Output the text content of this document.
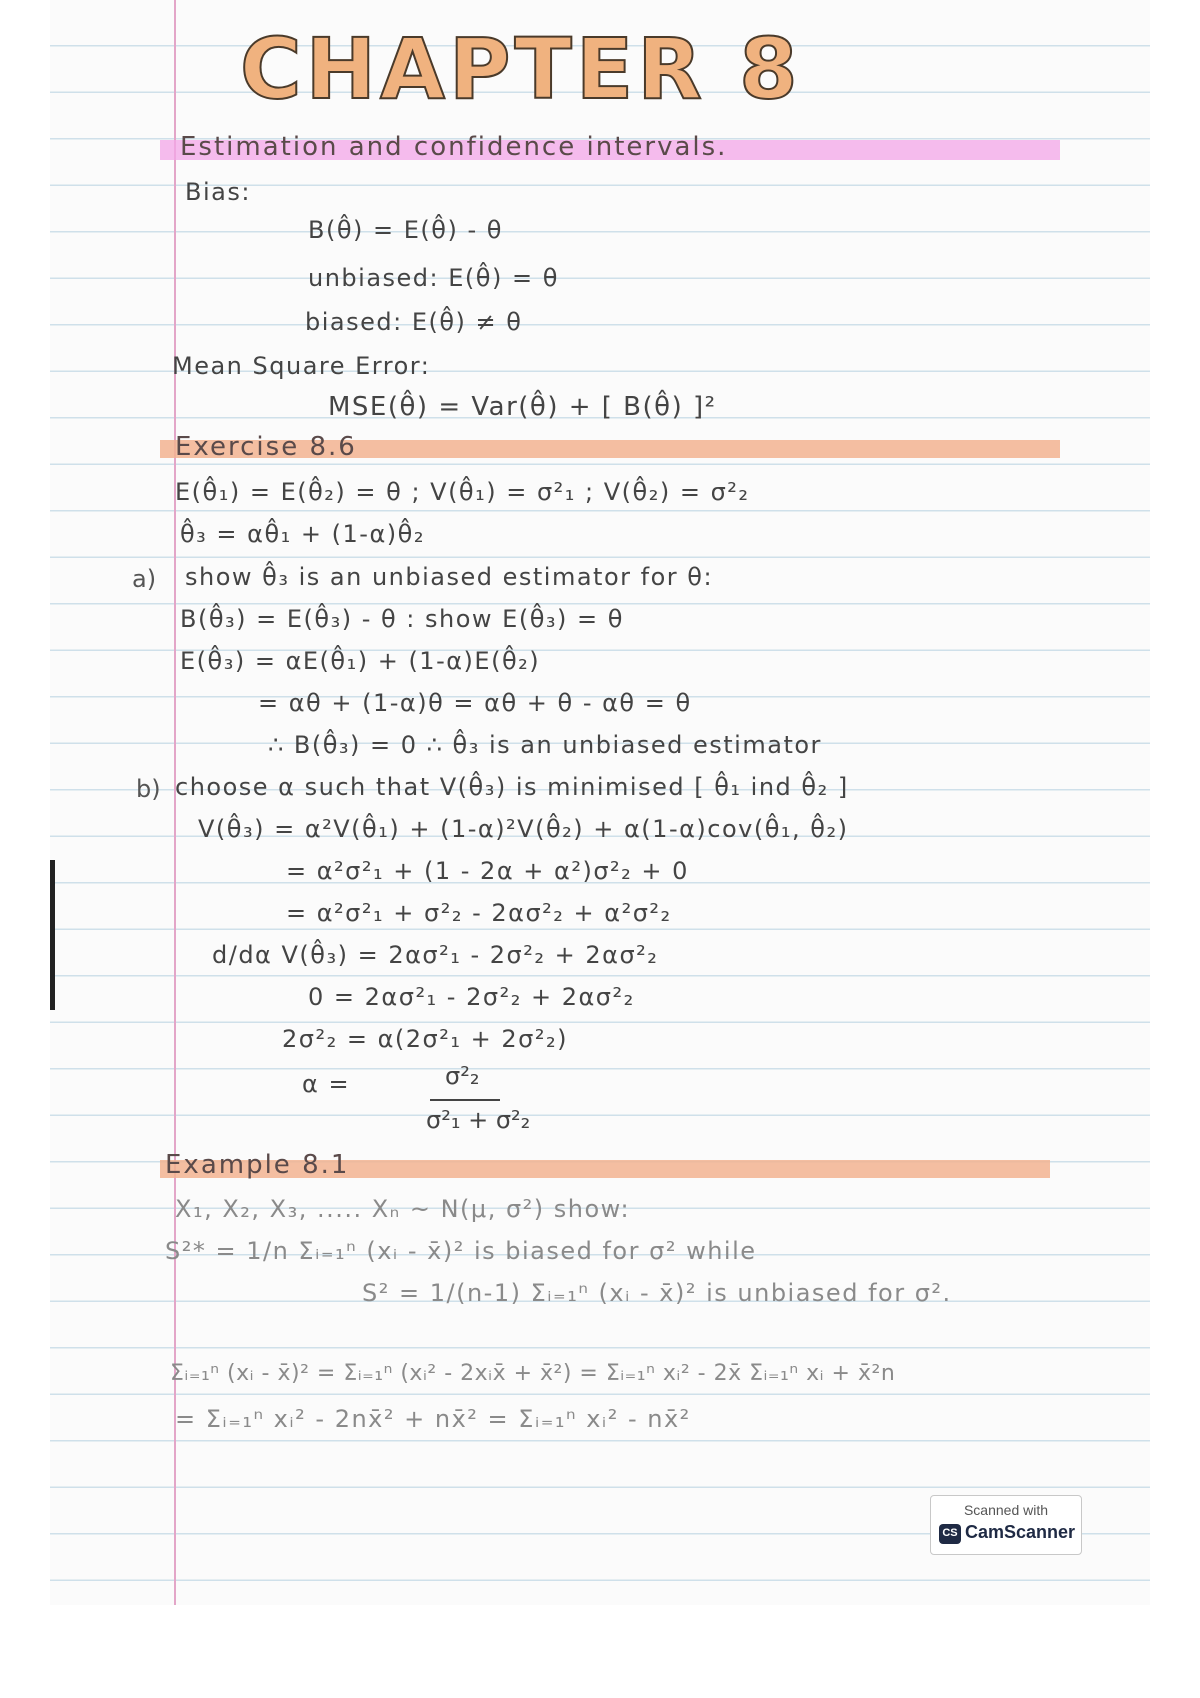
CHAPTER 8
Estimation and confidence intervals.
Bias:
B(θ̂) = E(θ̂) - θ
unbiased: E(θ̂) = θ
biased: E(θ̂) ≠ θ
Mean Square Error:
MSE(θ̂) = Var(θ̂) + [ B(θ̂) ]²
Exercise 8.6
E(θ̂₁) = E(θ̂₂) = θ ; V(θ̂₁) = σ²₁ ; V(θ̂₂) = σ²₂
θ̂₃ = αθ̂₁ + (1-α)θ̂₂
a) show θ̂₃ is an unbiased estimator for θ:
B(θ̂₃) = E(θ̂₃) - θ : show E(θ̂₃) = θ
E(θ̂₃) = αE(θ̂₁) + (1-α)E(θ̂₂)
= αθ + (1-α)θ = αθ + θ - αθ = θ
∴ B(θ̂₃) = 0 ∴ θ̂₃ is an unbiased estimator
b) choose α such that V(θ̂₃) is minimised [ θ̂₁ ind θ̂₂ ]
V(θ̂₃) = α²V(θ̂₁) + (1-α)²V(θ̂₂) + α(1-α)cov(θ̂₁, θ̂₂)
= α²σ²₁ + (1 - 2α + α²)σ²₂ + 0
= α²σ²₁ + σ²₂ - 2ασ²₂ + α²σ²₂
d/dα V(θ̂₃) = 2ασ²₁ - 2σ²₂ + 2ασ²₂
0 = 2ασ²₁ - 2σ²₂ + 2ασ²₂
2σ²₂ = α(2σ²₁ + 2σ²₂)
α =	σ²₂
σ²₁ + σ²₂
Example 8.1
X₁, X₂, X₃, ..... Xₙ ~ N(μ, σ²) show:
S²* = 1/n Σᵢ₌₁ⁿ (xᵢ - x̄)² is biased for σ² while
S² = 1/(n-1) Σᵢ₌₁ⁿ (xᵢ - x̄)² is unbiased for σ².
Σᵢ₌₁ⁿ (xᵢ - x̄)² = Σᵢ₌₁ⁿ (xᵢ² - 2xᵢx̄ + x̄²) = Σᵢ₌₁ⁿ xᵢ² - 2x̄ Σᵢ₌₁ⁿ xᵢ + x̄²n
= Σᵢ₌₁ⁿ xᵢ² - 2nx̄² + nx̄² = Σᵢ₌₁ⁿ xᵢ² - nx̄²
Scanned with
CS CamScanner
